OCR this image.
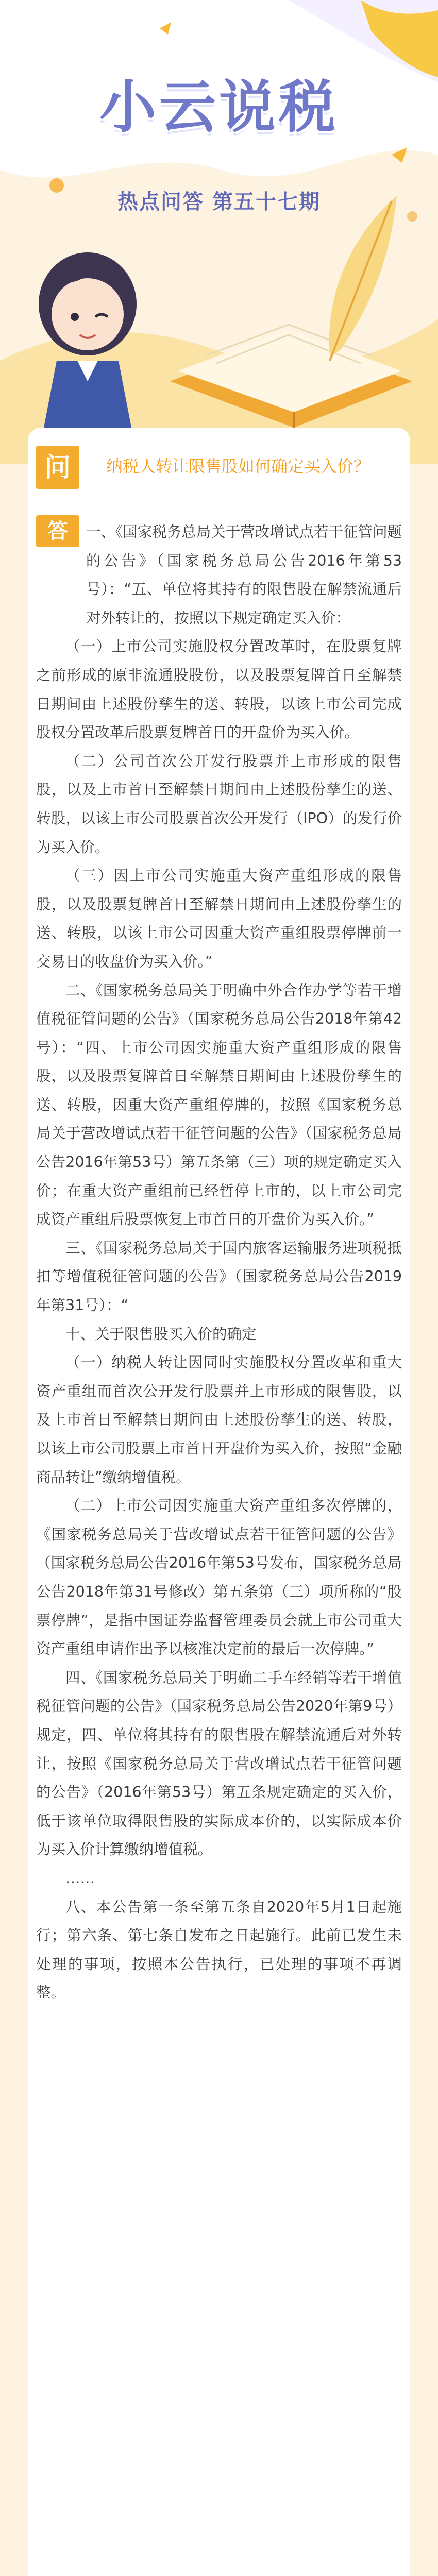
小云说税
热点问答 第五十七期
问	纳税人转让限售股如何确定买入价？
答	一、《国家税务总局关于营改增试点若干征管问题的公告》（国家税务总局公告2016年第53号）：“五、单位将其持有的限售股在解禁流通后对外转让的，按照以下规定确定买入价：

（一）上市公司实施股权分置改革时，在股票复牌之前形成的原非流通股股份，以及股票复牌首日至解禁日期间由上述股份孳生的送、转股，以该上市公司完成股权分置改革后股票复牌首日的开盘价为买入价。

（二）公司首次公开发行股票并上市形成的限售股，以及上市首日至解禁日期间由上述股份孳生的送、转股，以该上市公司股票首次公开发行（IPO）的发行价为买入价。

（三）因上市公司实施重大资产重组形成的限售股，以及股票复牌首日至解禁日期间由上述股份孳生的送、转股，以该上市公司因重大资产重组股票停牌前一交易日的收盘价为买入价。”

二、《国家税务总局关于明确中外合作办学等若干增值税征管问题的公告》（国家税务总局公告2018年第42号）：“四、上市公司因实施重大资产重组形成的限售股，以及股票复牌首日至解禁日期间由上述股份孳生的送、转股，因重大资产重组停牌的，按照《国家税务总局关于营改增试点若干征管问题的公告》（国家税务总局公告2016年第53号）第五条第（三）项的规定确定买入价；在重大资产重组前已经暂停上市的，以上市公司完成资产重组后股票恢复上市首日的开盘价为买入价。”

三、《国家税务总局关于国内旅客运输服务进项税抵扣等增值税征管问题的公告》（国家税务总局公告2019年第31号）：“

十、关于限售股买入价的确定

（一）纳税人转让因同时实施股权分置改革和重大资产重组而首次公开发行股票并上市形成的限售股，以及上市首日至解禁日期间由上述股份孳生的送、转股，以该上市公司股票上市首日开盘价为买入价，按照“金融商品转让”缴纳增值税。

（二）上市公司因实施重大资产重组多次停牌的，《国家税务总局关于营改增试点若干征管问题的公告》（国家税务总局公告2016年第53号发布，国家税务总局公告2018年第31号修改）第五条第（三）项所称的“股票停牌”，是指中国证券监督管理委员会就上市公司重大资产重组申请作出予以核准决定前的最后一次停牌。”

四、《国家税务总局关于明确二手车经销等若干增值税征管问题的公告》（国家税务总局公告2020年第9号）规定，四、单位将其持有的限售股在解禁流通后对外转让，按照《国家税务总局关于营改增试点若干征管问题的公告》（2016年第53号）第五条规定确定的买入价，低于该单位取得限售股的实际成本价的，以实际成本价为买入价计算缴纳增值税。

……

八、本公告第一条至第五条自2020年5月1日起施行；第六条、第七条自发布之日起施行。此前已发生未处理的事项，按照本公告执行，已处理的事项不再调整。
